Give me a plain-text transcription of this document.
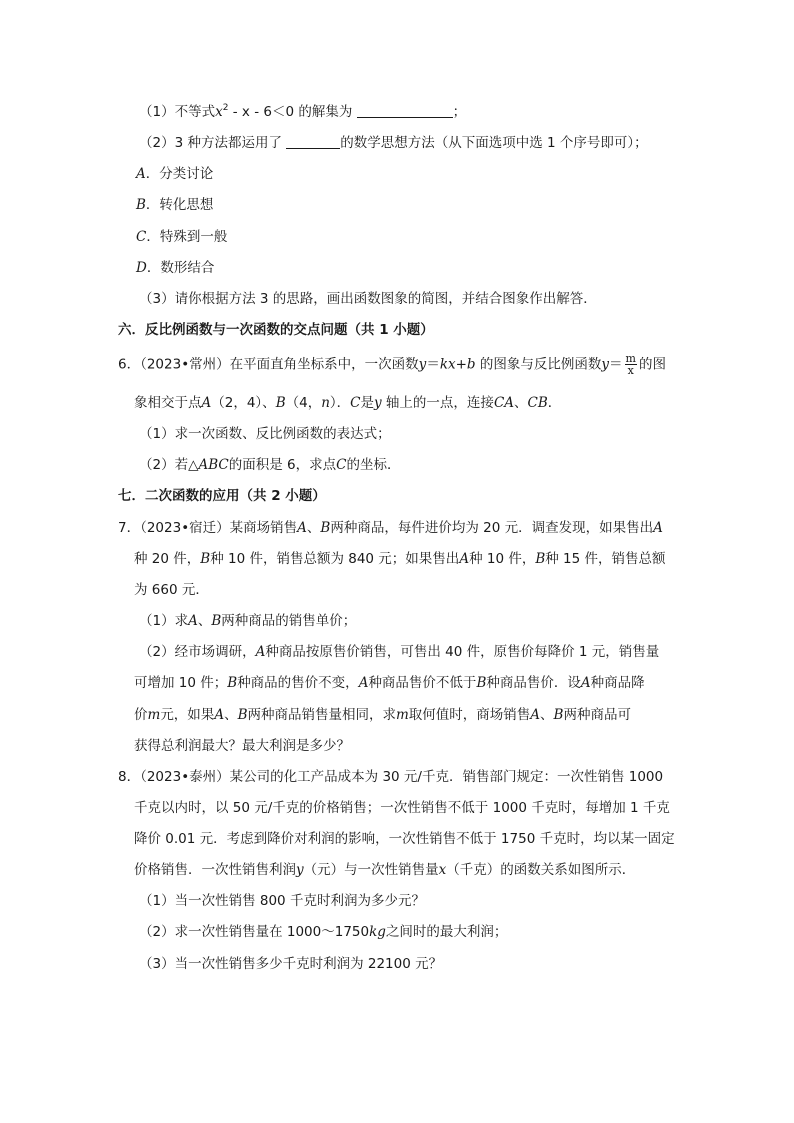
（1）不等式$x^2 - x - 6<0$ 的解集为	；
（2）3 种方法都运用了	的数学思想方法（从下面选项中选 1 个序号即可）；
A．分类讨论
B．转化思想
C．特殊到一般
D．数形结合
（3）请你根据方法 3 的思路，画出函数图象的简图，并结合图象作出解答．
六．反比例函数与一次函数的交点问题（共 1 小题）
6．（2023•常州）在平面直角坐标系中，一次函数y＝kx+b 的图象与反比例函数$y= \frac{m}{x}$ 的图
象相交于点A（2，4）、B（4，n）．C是y 轴上的一点，连接CA、CB．
（1）求一次函数、反比例函数的表达式；
（2）若△ABC的面积是 6，求点C的坐标．
七．二次函数的应用（共 2 小题）
7．（2023•宿迁）某商场销售A、B两种商品，每件进价均为 20 元．调查发现，如果售出A
种 20 件，B种 10 件，销售总额为 840 元；如果售出A种 10 件，B种 15 件，销售总额
为 660 元．
（1）求A、B两种商品的销售单价；
（2）经市场调研，A种商品按原售价销售，可售出 40 件，原售价每降价 1 元，销售量
可增加 10 件；B种商品的售价不变，A种商品售价不低于B种商品售价．设A种商品降
价m元，如果A、B两种商品销售量相同，求m取何值时，商场销售A、B两种商品可
获得总利润最大？最大利润是多少？
8．（2023•泰州）某公司的化工产品成本为 30 元/千克．销售部门规定：一次性销售 1000
千克以内时，以 50 元/千克的价格销售；一次性销售不低于 1000 千克时，每增加 1 千克
降价 0.01 元．考虑到降价对利润的影响，一次性销售不低于 1750 千克时，均以某一固定
价格销售．一次性销售利润y（元）与一次性销售量x（千克）的函数关系如图所示．
（1）当一次性销售 800 千克时利润为多少元？
（2）求一次性销售量在 1000～1750kg之间时的最大利润；
（3）当一次性销售多少千克时利润为 22100 元？
